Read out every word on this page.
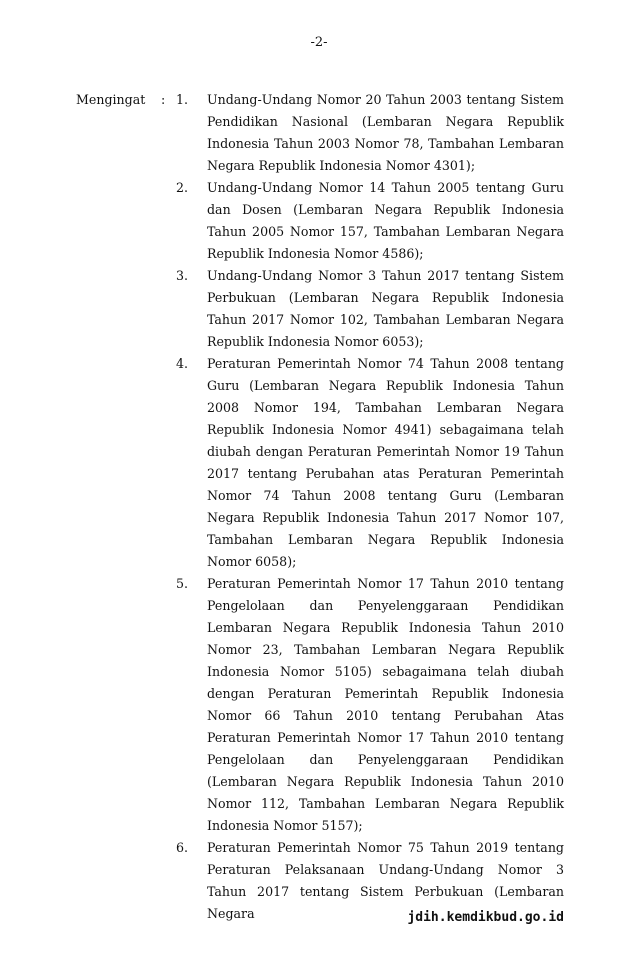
-2-
Mengingat : 1. Undang-Undang Nomor 20 Tahun 2003 tentang Sistem Pendidikan Nasional (Lembaran Negara Republik Indonesia Tahun 2003 Nomor 78, Tambahan Lembaran Negara Republik Indonesia Nomor 4301);
2. Undang-Undang Nomor 14 Tahun 2005 tentang Guru dan Dosen (Lembaran Negara Republik Indonesia Tahun 2005 Nomor 157, Tambahan Lembaran Negara Republik Indonesia Nomor 4586);
3. Undang-Undang Nomor 3 Tahun 2017 tentang Sistem Perbukuan (Lembaran Negara Republik Indonesia Tahun 2017 Nomor 102, Tambahan Lembaran Negara Republik Indonesia Nomor 6053);
4. Peraturan Pemerintah Nomor 74 Tahun 2008 tentang Guru (Lembaran Negara Republik Indonesia Tahun 2008 Nomor 194, Tambahan Lembaran Negara Republik Indonesia Nomor 4941) sebagaimana telah diubah dengan Peraturan Pemerintah Nomor 19 Tahun 2017 tentang Perubahan atas Peraturan Pemerintah Nomor 74 Tahun 2008 tentang Guru (Lembaran Negara Republik Indonesia Tahun 2017 Nomor 107, Tambahan Lembaran Negara Republik Indonesia Nomor 6058);
5. Peraturan Pemerintah Nomor 17 Tahun 2010 tentang Pengelolaan dan Penyelenggaraan Pendidikan Lembaran Negara Republik Indonesia Tahun 2010 Nomor 23, Tambahan Lembaran Negara Republik Indonesia Nomor 5105) sebagaimana telah diubah dengan Peraturan Pemerintah Republik Indonesia Nomor 66 Tahun 2010 tentang Perubahan Atas Peraturan Pemerintah Nomor 17 Tahun 2010 tentang Pengelolaan dan Penyelenggaraan Pendidikan (Lembaran Negara Republik Indonesia Tahun 2010 Nomor 112, Tambahan Lembaran Negara Republik Indonesia Nomor 5157);
6. Peraturan Pemerintah Nomor 75 Tahun 2019 tentang Peraturan Pelaksanaan Undang-Undang Nomor 3 Tahun 2017 tentang Sistem Perbukuan (Lembaran Negara	jdih.kemdikbud.go.id
